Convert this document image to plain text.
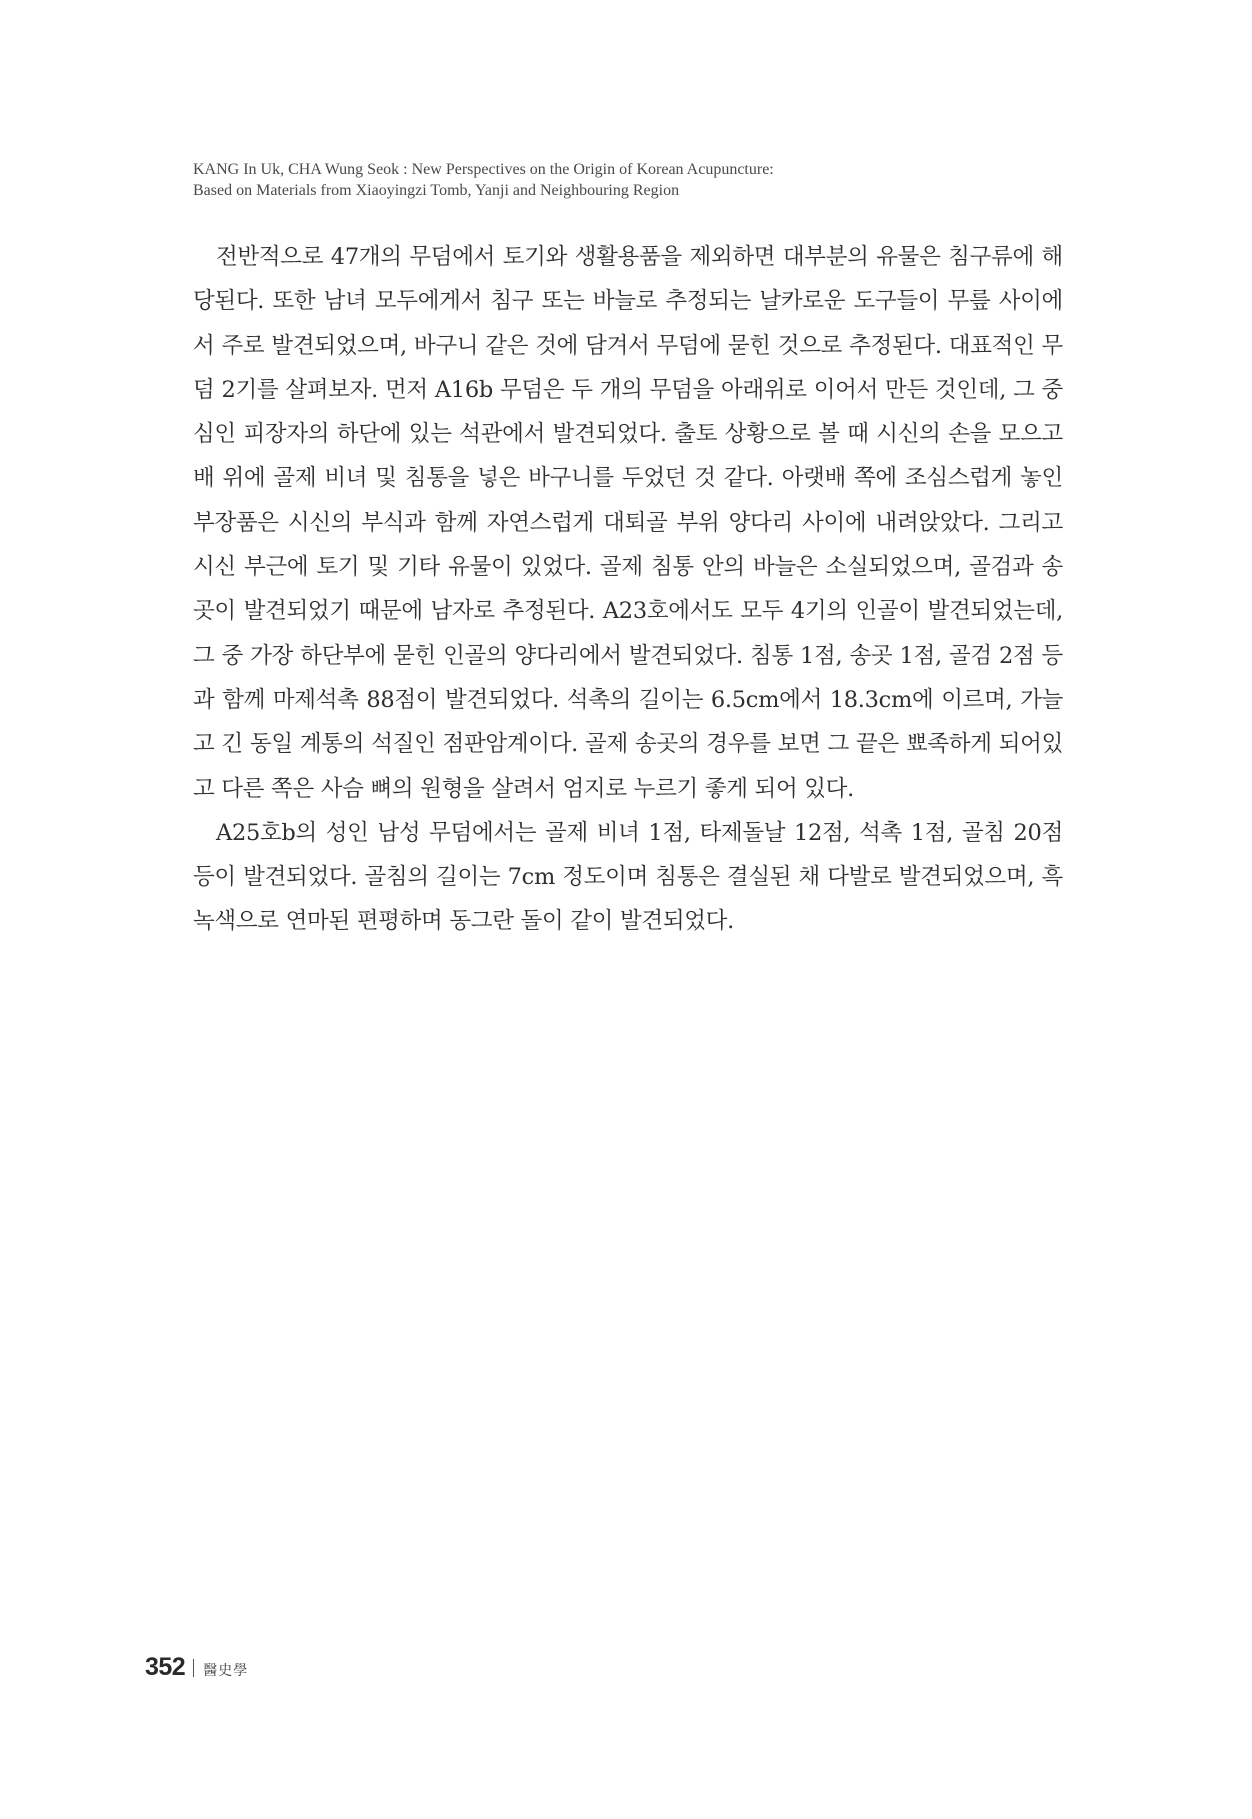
KANG In Uk, CHA Wung Seok : New Perspectives on the Origin of Korean Acupuncture:
Based on Materials from Xiaoyingzi Tomb, Yanji and Neighbouring Region

전반적으로 47개의 무덤에서 토기와 생활용품을 제외하면 대부분의 유물은 침구류에 해당된다. 또한 남녀 모두에게서 침구 또는 바늘로 추정되는 날카로운 도구들이 무릎 사이에서 주로 발견되었으며, 바구니 같은 것에 담겨서 무덤에 묻힌 것으로 추정된다. 대표적인 무덤 2기를 살펴보자. 먼저 A16b 무덤은 두 개의 무덤을 아래위로 이어서 만든 것인데, 그 중심인 피장자의 하단에 있는 석관에서 발견되었다. 출토 상황으로 볼 때 시신의 손을 모으고 배 위에 골제 비녀 및 침통을 넣은 바구니를 두었던 것 같다. 아랫배 쪽에 조심스럽게 놓인 부장품은 시신의 부식과 함께 자연스럽게 대퇴골 부위 양다리 사이에 내려앉았다. 그리고 시신 부근에 토기 및 기타 유물이 있었다. 골제 침통 안의 바늘은 소실되었으며, 골검과 송곳이 발견되었기 때문에 남자로 추정된다. A23호에서도 모두 4기의 인골이 발견되었는데, 그 중 가장 하단부에 묻힌 인골의 양다리에서 발견되었다. 침통 1점, 송곳 1점, 골검 2점 등과 함께 마제석촉 88점이 발견되었다. 석촉의 길이는 6.5cm에서 18.3cm에 이르며, 가늘고 긴 동일 계통의 석질인 점판암계이다. 골제 송곳의 경우를 보면 그 끝은 뾰족하게 되어있고 다른 쪽은 사슴 뼈의 원형을 살려서 엄지로 누르기 좋게 되어 있다.

A25호b의 성인 남성 무덤에서는 골제 비녀 1점, 타제돌날 12점, 석촉 1점, 골침 20점 등이 발견되었다. 골침의 길이는 7cm 정도이며 침통은 결실된 채 다발로 발견되었으며, 흑녹색으로 연마된 편평하며 동그란 돌이 같이 발견되었다.

352 醫史學
